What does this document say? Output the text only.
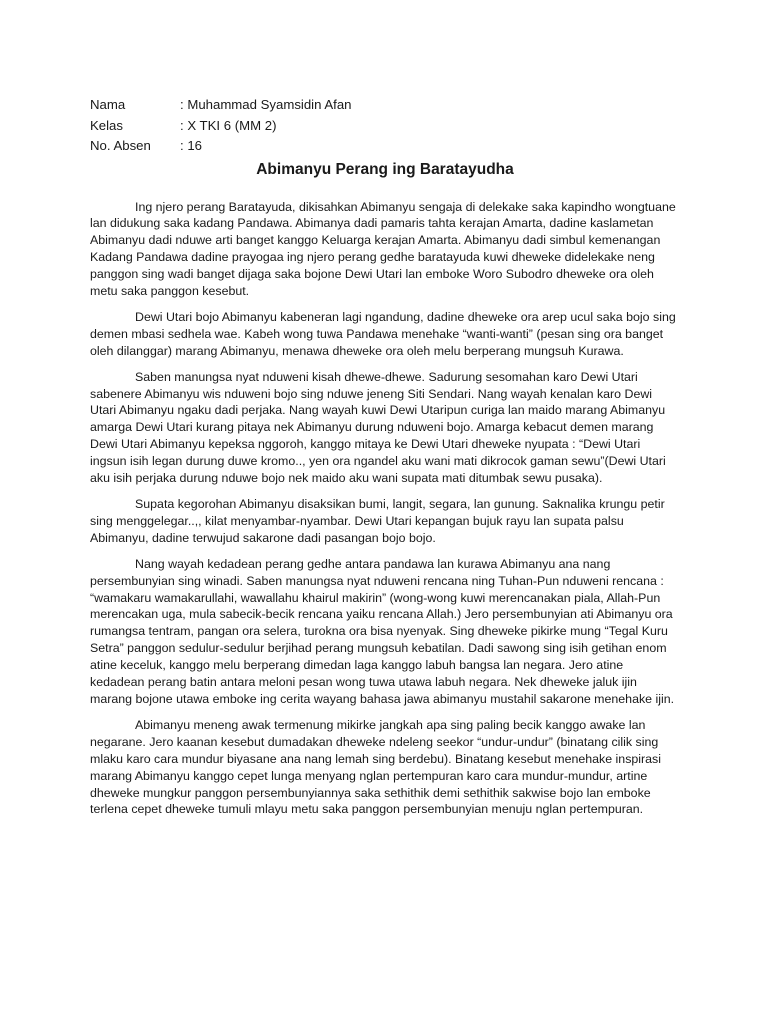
Nama	: Muhammad Syamsidin Afan
Kelas	: X TKI 6 (MM 2)
No. Absen	: 16
Abimanyu Perang ing Baratayudha

Ing njero perang Baratayuda, dikisahkan Abimanyu sengaja di delekake saka kapindho wongtuane lan didukung saka kadang Pandawa. Abimanya dadi pamaris tahta kerajan Amarta, dadine kaslametan Abimanyu dadi nduwe arti banget kanggo Keluarga kerajan Amarta. Abimanyu dadi simbul kemenangan Kadang Pandawa dadine prayogaa ing njero perang gedhe baratayuda kuwi dheweke didelekake neng panggon sing wadi banget dijaga saka bojone Dewi Utari lan emboke Woro Subodro dheweke ora oleh metu saka panggon kesebut.

Dewi Utari bojo Abimanyu kabeneran lagi ngandung, dadine dheweke ora arep ucul saka bojo sing demen mbasi sedhela wae. Kabeh wong tuwa Pandawa menehake “wanti-wanti” (pesan sing ora banget oleh dilanggar) marang Abimanyu, menawa dheweke ora oleh melu berperang mungsuh Kurawa.

Saben manungsa nyat nduweni kisah dhewe-dhewe. Sadurung sesomahan karo Dewi Utari sabenere Abimanyu wis nduweni bojo sing nduwe jeneng Siti Sendari. Nang wayah kenalan karo Dewi Utari Abimanyu ngaku dadi perjaka. Nang wayah kuwi Dewi Utaripun curiga lan maido marang Abimanyu amarga Dewi Utari kurang pitaya nek Abimanyu durung nduweni bojo. Amarga kebacut demen marang Dewi Utari Abimanyu kepeksa nggoroh, kanggo mitaya ke Dewi Utari dheweke nyupata : “Dewi Utari ingsun isih legan durung duwe kromo.., yen ora ngandel aku wani mati dikrocok gaman sewu”(Dewi Utari aku isih perjaka durung nduwe bojo nek maido aku wani supata mati ditumbak sewu pusaka).

Supata kegorohan Abimanyu disaksikan bumi, langit, segara, lan gunung. Saknalika krungu petir sing menggelegar..,, kilat menyambar-nyambar. Dewi Utari kepangan bujuk rayu lan supata palsu Abimanyu, dadine terwujud sakarone dadi pasangan bojo bojo.

Nang wayah kedadean perang gedhe antara pandawa lan kurawa Abimanyu ana nang persembunyian sing winadi. Saben manungsa nyat nduweni rencana ning Tuhan-Pun nduweni rencana : “wamakaru wamakarullahi, wawallahu khairul makirin” (wong-wong kuwi merencanakan piala, Allah-Pun merencakan uga, mula sabecik-becik rencana yaiku rencana Allah.) Jero persembunyian ati Abimanyu ora rumangsa tentram, pangan ora selera, turokna ora bisa nyenyak. Sing dheweke pikirke mung “Tegal Kuru Setra” panggon sedulur-sedulur berjihad perang mungsuh kebatilan. Dadi sawong sing isih getihan enom atine keceluk, kanggo melu berperang dimedan laga kanggo labuh bangsa lan negara. Jero atine kedadean perang batin antara meloni pesan wong tuwa utawa labuh negara. Nek dheweke jaluk ijin marang bojone utawa emboke ing cerita wayang bahasa jawa abimanyu mustahil sakarone menehake ijin.

Abimanyu meneng awak termenung mikirke jangkah apa sing paling becik kanggo awake lan negarane. Jero kaanan kesebut dumadakan dheweke ndeleng seekor “undur-undur” (binatang cilik sing mlaku karo cara mundur biyasane ana nang lemah sing berdebu). Binatang kesebut menehake inspirasi marang Abimanyu kanggo cepet lunga menyang nglan pertempuran karo cara mundur-mundur, artine dheweke mungkur panggon persembunyiannya saka sethithik demi sethithik sakwise bojo lan emboke terlena cepet dheweke tumuli mlayu metu saka panggon persembunyian menuju nglan pertempuran.
